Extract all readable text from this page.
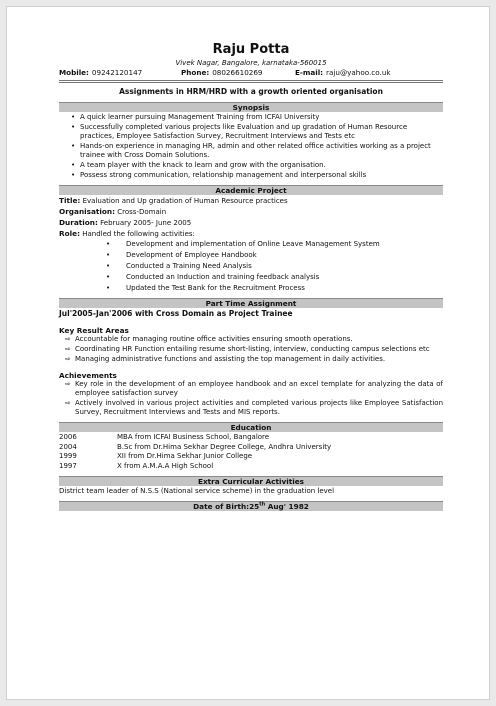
Raju Potta
Vivek Nagar, Bangalore, karnataka-560015
Mobile: 09242120147	Phone: 08026610269	E-mail: raju@yahoo.co.uk
Assignments in HRM/HRD with a growth oriented organisation
Synopsis
• A quick learner pursuing Management Training from ICFAI University
• Successfully completed various projects like Evaluation and up gradation of Human Resource practices, Employee Satisfaction Survey, Recruitment Interviews and Tests etc
• Hands-on experience in managing HR, admin and other related office activities working as a project trainee with Cross Domain Solutions.
• A team player with the knack to learn and grow with the organisation.
• Possess strong communication, relationship management and interpersonal skills
Academic Project
Title: Evaluation and Up gradation of Human Resource practices
Organisation: Cross-Domain
Duration: February 2005- June 2005
Role: Handled the following activities:
• Development and implementation of Online Leave Management System
• Development of Employee Handbook
• Conducted a Training Need Analysis
• Conducted an Induction and training feedback analysis
• Updated the Test Bank for the Recruitment Process
Part Time Assignment
Jul'2005-Jan'2006 with Cross Domain as Project Trainee
Key Result Areas
⇨ Accountable for managing routine office activities ensuring smooth operations.
⇨ Coordinating HR Function entailing resume short-listing, interview, conducting campus selections etc
⇨ Managing administrative functions and assisting the top management in daily activities.
Achievements
⇨ Key role in the development of an employee handbook and an excel template for analyzing the data of employee satisfaction survey
⇨ Actively involved in various project activities and completed various projects like Employee Satisfaction Survey, Recruitment Interviews and Tests and MIS reports.
Education
2006	MBA from ICFAI Business School, Bangalore
2004	B.Sc from Dr.Hima Sekhar Degree College, Andhra University
1999	XII from Dr.Hima Sekhar Junior College
1997	X from A.M.A.A High School
Extra Curricular Activities
District team leader of N.S.S (National service scheme) in the graduation level
Date of Birth:25th Aug' 1982
